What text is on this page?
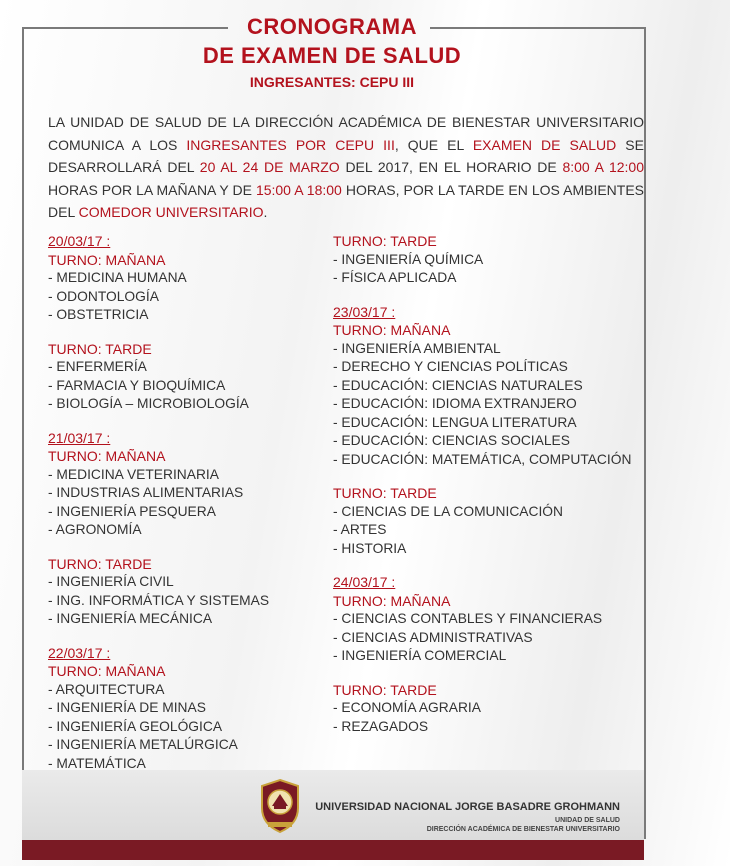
CRONOGRAMA
DE EXAMEN DE SALUD
INGRESANTES: CEPU III

LA UNIDAD DE SALUD DE LA DIRECCIÓN ACADÉMICA DE BIENESTAR UNIVERSITARIO COMUNICA A LOS INGRESANTES POR CEPU III, QUE EL EXAMEN DE SALUD SE DESARROLLARÁ DEL 20 AL 24 DE MARZO DEL 2017, EN EL HORARIO DE 8:00 A 12:00 HORAS POR LA MAÑANA Y DE 15:00 A 18:00 HORAS, POR LA TARDE EN LOS AMBIENTES DEL COMEDOR UNIVERSITARIO.

20/03/17 :
TURNO: MAÑANA
- MEDICINA HUMANA
- ODONTOLOGÍA
- OBSTETRICIA
TURNO: TARDE
- ENFERMERÍA
- FARMACIA Y BIOQUÍMICA
- BIOLOGÍA – MICROBIOLOGÍA
21/03/17 :
TURNO: MAÑANA
- MEDICINA VETERINARIA
- INDUSTRIAS ALIMENTARIAS
- INGENIERÍA PESQUERA
- AGRONOMÍA
TURNO: TARDE
- INGENIERÍA CIVIL
- ING. INFORMÁTICA Y SISTEMAS
- INGENIERÍA MECÁNICA
22/03/17 :
TURNO: MAÑANA
- ARQUITECTURA
- INGENIERÍA DE MINAS
- INGENIERÍA GEOLÓGICA
- INGENIERÍA METALÚRGICA
- MATEMÁTICA
TURNO: TARDE
- INGENIERÍA QUÍMICA
- FÍSICA APLICADA
23/03/17 :
TURNO: MAÑANA
- INGENIERÍA AMBIENTAL
- DERECHO Y CIENCIAS POLÍTICAS
- EDUCACIÓN: CIENCIAS NATURALES
- EDUCACIÓN: IDIOMA EXTRANJERO
- EDUCACIÓN: LENGUA LITERATURA
- EDUCACIÓN: CIENCIAS SOCIALES
- EDUCACIÓN: MATEMÁTICA, COMPUTACIÓN
TURNO: TARDE
- CIENCIAS DE LA COMUNICACIÓN
- ARTES
- HISTORIA
24/03/17 :
TURNO: MAÑANA
- CIENCIAS CONTABLES Y FINANCIERAS
- CIENCIAS ADMINISTRATIVAS
- INGENIERÍA COMERCIAL
TURNO: TARDE
- ECONOMÍA AGRARIA
- REZAGADOS
UNIVERSIDAD NACIONAL JORGE BASADRE GROHMANN
UNIDAD DE SALUD
DIRECCIÓN ACADÉMICA DE BIENESTAR UNIVERSITARIO
